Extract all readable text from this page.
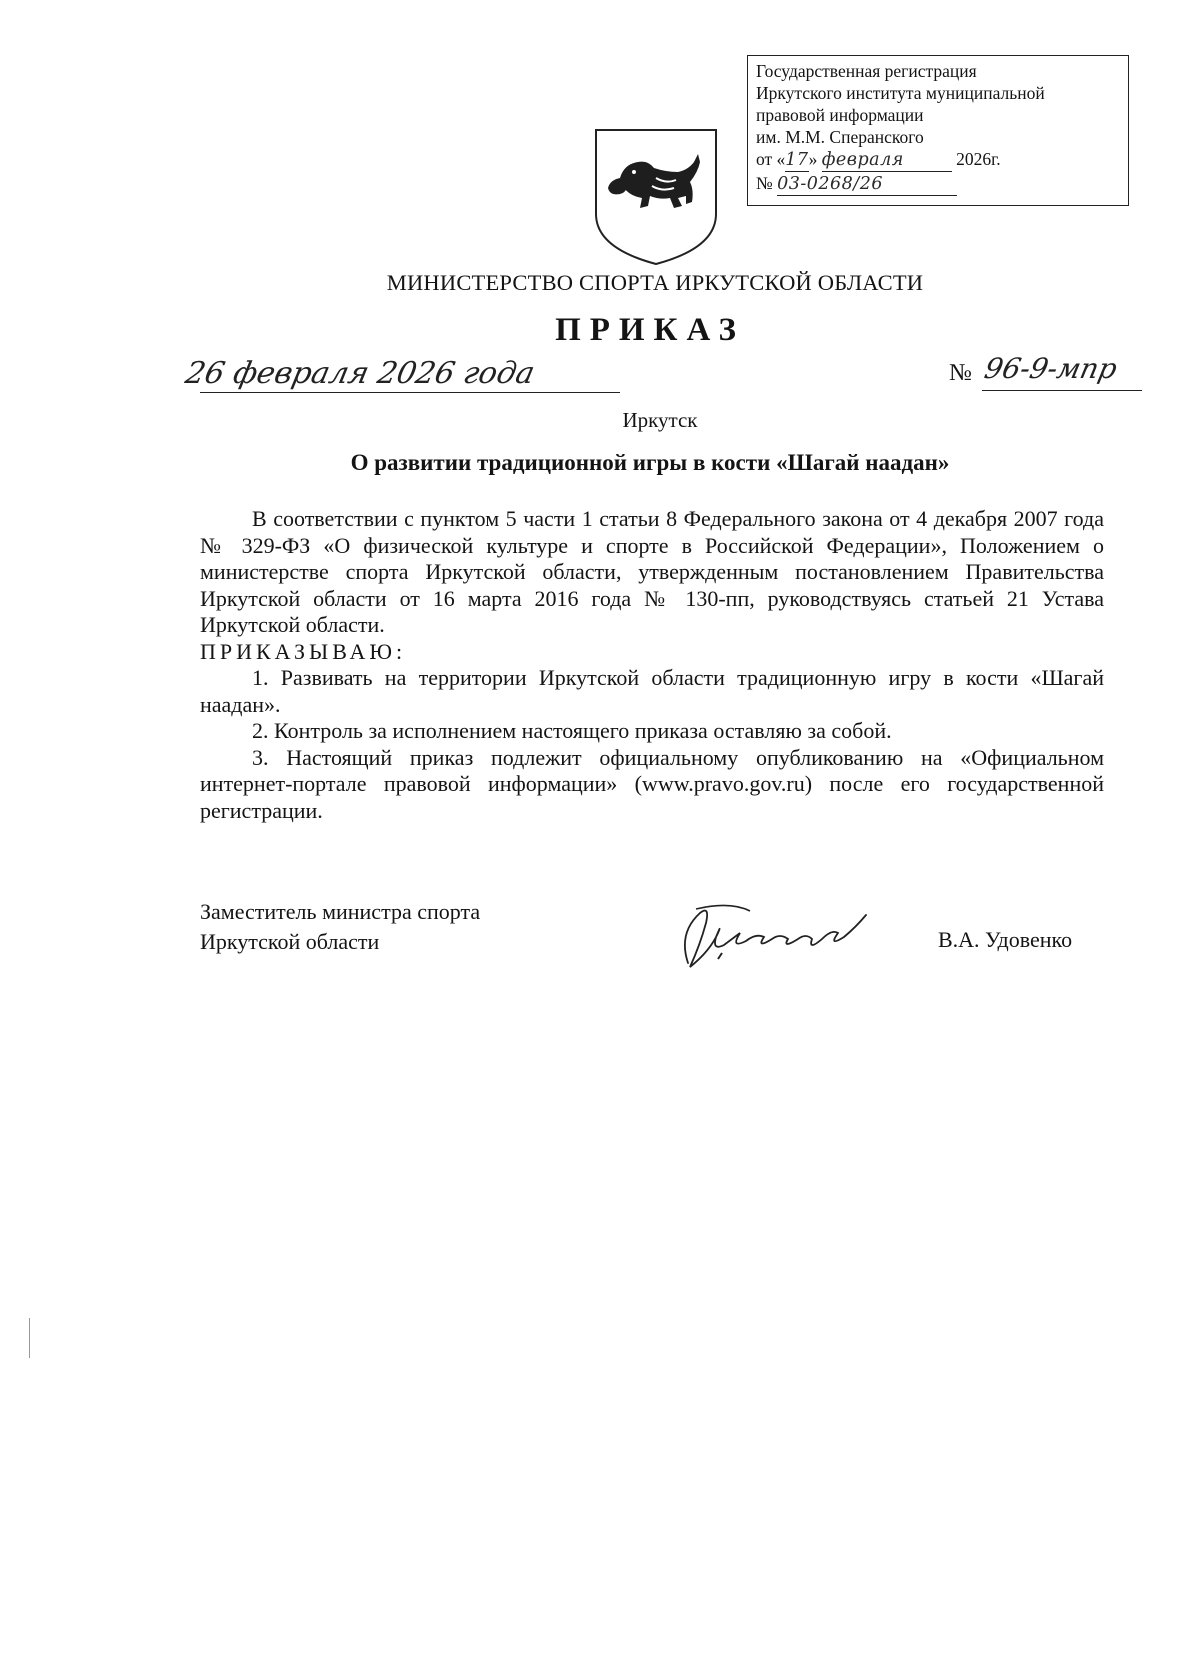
Государственная регистрация
Иркутского института муниципальной
правовой информации
им. М.М. Сперанского
от «17» февраля	2026г.
№ 03-0268/26
МИНИСТЕРСТВО СПОРТА ИРКУТСКОЙ ОБЛАСТИ
ПРИКАЗ
26 февраля 2026 года	№ 96-9-мпр
Иркутск
О развитии традиционной игры в кости «Шагай наадан»

В соответствии с пунктом 5 части 1 статьи 8 Федерального закона от 4 декабря 2007 года № 329-ФЗ «О физической культуре и спорте в Российской Федерации», Положением о министерстве спорта Иркутской области, утвержденным постановлением Правительства Иркутской области от 16 марта 2016 года № 130-пп, руководствуясь статьей 21 Устава Иркутской области.

ПРИКАЗЫВАЮ:

1. Развивать на территории Иркутской области традиционную игру в кости «Шагай наадан».

2. Контроль за исполнением настоящего приказа оставляю за собой.

3. Настоящий приказ подлежит официальному опубликованию на «Официальном интернет-портале правовой информации» (www.pravo.gov.ru) после его государственной регистрации.

Заместитель министра спорта
Иркутской области	В.А. Удовенко
